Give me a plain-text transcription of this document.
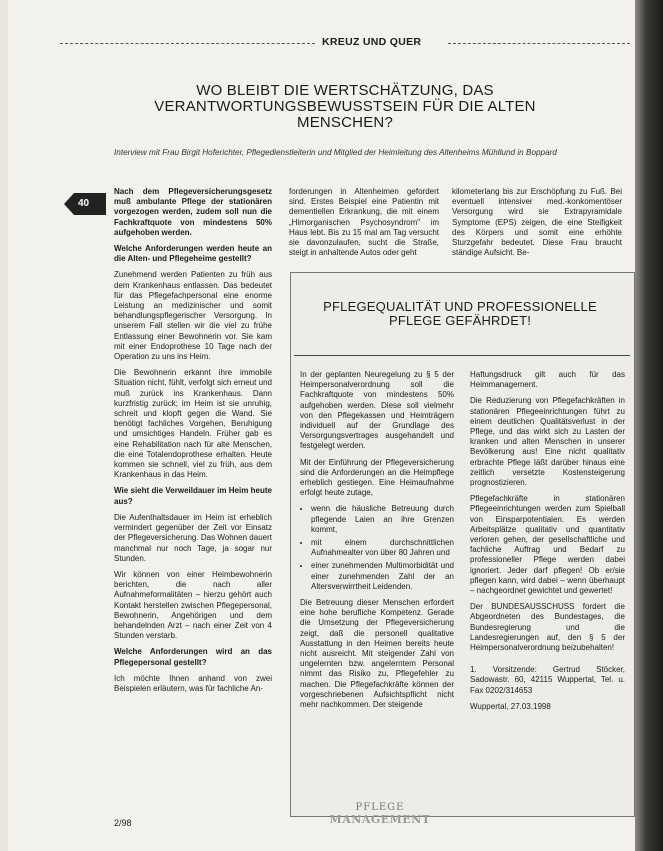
KREUZ UND QUER
WO BLEIBT DIE WERTSCHÄTZUNG, DAS
VERANTWORTUNGSBEWUSSTSEIN FÜR DIE ALTEN MENSCHEN?
Interview mit Frau Birgit Hoferichter, Pflegedienstleiterin und Mitglied der Heimleitung des Altenheims Mühllund in Boppard
40

Nach dem Pflegeversicherungsgesetz muß ambulante Pflege der stationären vorgezogen werden, zudem soll nun die Fachkraftquote von mindestens 50% aufgehoben werden.

Welche Anforderungen werden heute an die Alten- und Pflegeheime gestellt?

Zunehmend werden Patienten zu früh aus dem Krankenhaus entlassen. Das bedeutet für das Pflegefachpersonal eine enorme Leistung an medizinischer und somit behandlungspflegerischer Versorgung. In unserem Fall stellen wir die viel zu frühe Entlassung einer Bewohnerin vor. Sie kam mit einer Endoprothese 10 Tage nach der Operation zu uns ins Heim.

Die Bewohnerin erkannt ihre immobile Situation nicht, fühlt, verfolgt sich erneut und muß zurück ins Krankenhaus. Dann kurzfristig zurück; im Heim ist sie unruhig, schreit und klopft gegen die Wand. Sie benötigt fachliches Vorgehen, Beruhigung und umsichtiges Handeln. Früher gab es eine Rehabilitation nach für alte Menschen, die eine Totalendoprothese erhalten. Heute kommen sie schnell, viel zu früh, aus dem Krankenhaus in das Heim.

Wie sieht die Verweildauer im Heim heute aus?

Die Aufenthaltsdauer im Heim ist erheblich vermindert gegenüber der Zeit vor Einsatz der Pflegeversicherung. Das Wohnen dauert manchmal nur noch Tage, ja sogar nur Stunden.

Wir können von einer Heimbewohnerin berichten, die nach aller Aufnahmeformalitäten – hierzu gehört auch Kontakt herstellen zwischen Pflegepersonal, Bewohnerin, Angehörigen und dem behandelnden Arzt – nach einer Zeit von 4 Stunden verstarb.

Welche Anforderungen wird an das Pflegepersonal gestellt?

Ich möchte Ihnen anhand von zwei Beispielen erläutern, was für fachliche An-

forderungen in Altenheimen gefordert sind. Erstes Beispiel eine Patientin mit dementiellen Erkrankung, die mit einem „Hirnorganischen Psychosyndrom" im Haus lebt. Bis zu 15 mal am Tag versucht sie davonzulaufen, sucht die Straße, steigt in anhaltende Autos oder geht

kilometerlang bis zur Erschöpfung zu Fuß. Bei eventuell intensiver med.-konkomentöser Versorgung wird sie Extrapyramidale Symptome (EPS) zeigen, die eine Steifigkeit des Körpers und somit eine erhöhte Sturzgefahr bedeutet. Diese Frau braucht ständige Aufsicht. Be-

PFLEGEQUALITÄT UND PROFESSIONELLE
PFLEGE GEFÄHRDET!

In der geplanten Neuregelung zu § 5 der Heimpersonalverordnung soll die Fachkraftquote von mindestens 50% aufgehoben werden. Diese soll vielmehr von den Pflegekassen und Heimträgern individuell auf der Grundlage des Versorgungsvertrages ausgehandelt und festgelegt werden.

Mit der Einführung der Pflegeversicherung sind die Anforderungen an die Heimpflege erheblich gestiegen. Eine Heimaufnahme erfolgt heute zutage,

• wenn die häusliche Betreuung durch pflegende Laien an ihre Grenzen kommt,
• mit einem durchschnittlichen Aufnahmealter von über 80 Jahren und
• einer zunehmenden Multimorbidität und einer zunehmenden Zahl der an Altersverwirrtheit Leidenden.

Die Betreuung dieser Menschen erfordert eine hohe berufliche Kompetenz. Gerade die Umsetzung der Pflegeversicherung zeigt, daß die personell qualitative Ausstattung in den Heimen bereits heute nicht ausreicht. Mit steigender Zahl von ungelernten bzw. angelerntem Personal nimmt das Risiko zu, Pflegefehler zu machen. Die Pflegefachkräfte können der vorgeschriebenen Aufsichtspflicht nicht mehr nachkommen. Der steigende

Haftungsdruck gilt auch für das Heimmanagement.

Die Reduzierung von Pflegefachkräften in stationären Pflegeeinrichtungen führt zu einem deutlichen Qualitätsverlust in der Pflege, und das wirkt sich zu Lasten der kranken und alten Menschen in unserer Bevölkerung aus! Eine nicht qualitativ erbrachte Pflege läßt darüber hinaus eine zeitlich versetzte Kostensteigerung prognostizieren.

Pflegefachkräfte in stationären Pflegeeinrichtungen werden zum Spielball von Einsparpotentialen. Es werden Arbeitsplätze qualitativ und quantitativ verloren gehen, der gesellschaftliche und fachliche Auftrag und Bedarf zu professioneller Pflege werden dabei ignoriert. Jeder darf pflegen! Ob er/sie pflegen kann, wird dabei – wenn überhaupt – nachgeordnet gewichtet und gewertet!

Der BUNDESAUSSCHUSS fordert die Abgeordneten des Bundestages, die Bundesregierung und die Landesregierungen auf, den § 5 der Heimpersonalverordnung beizubehalten!

1. Vorsitzende: Gertrud Stöcker, Sadowastr. 60, 42115 Wuppertal, Tel. u. Fax 0202/314653

Wuppertal, 27.03.1998

PFLEGE
MANAGEMENT
2/98
